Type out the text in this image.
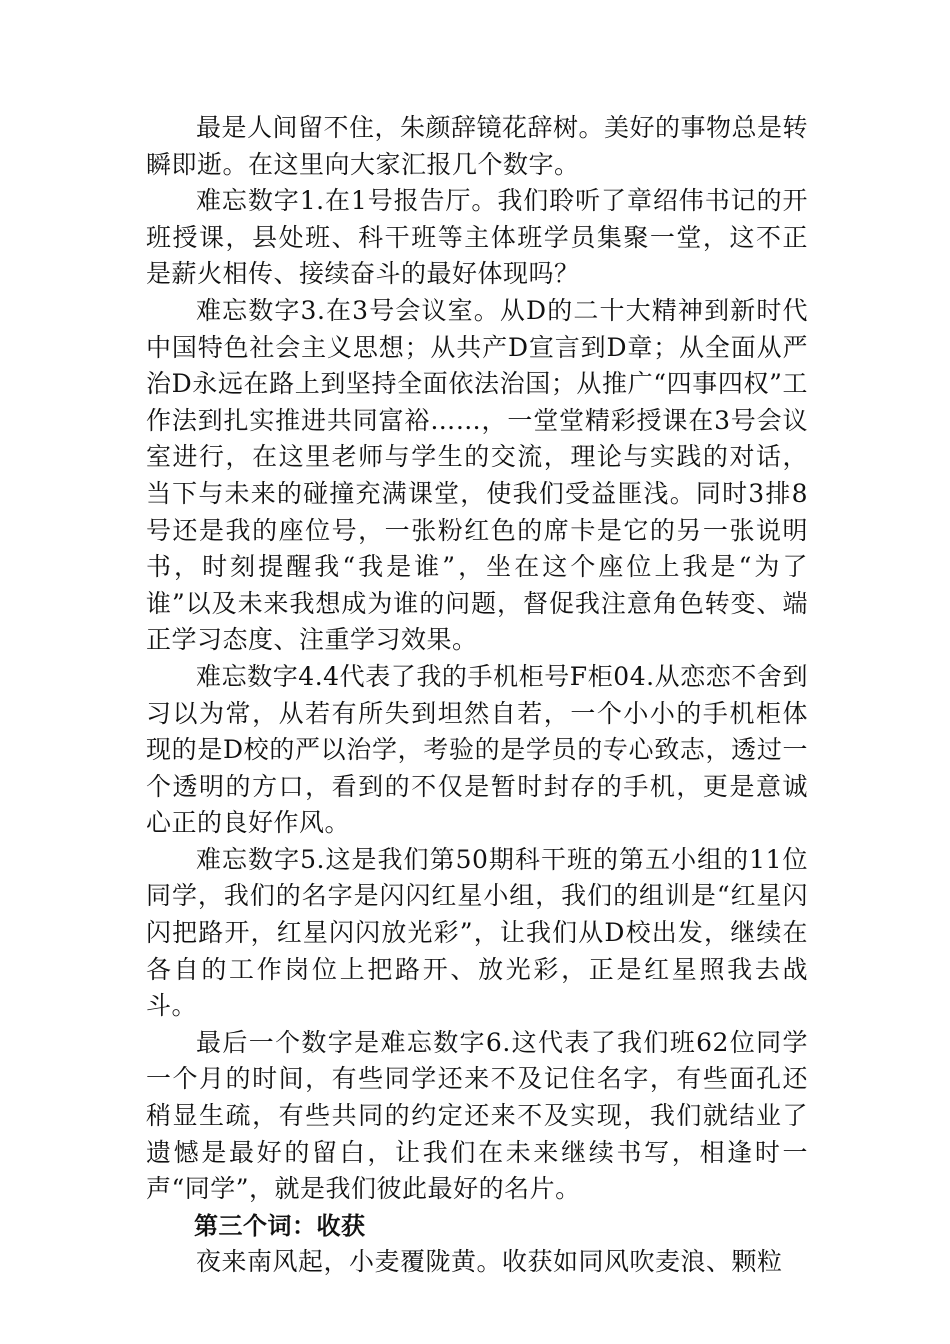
最是人间留不住，朱颜辞镜花辞树。美好的事物总是转瞬即逝。在这里向大家汇报几个数字。

难忘数字1.在1号报告厅。我们聆听了章绍伟书记的开班授课，县处班、科干班等主体班学员集聚一堂，这不正是薪火相传、接续奋斗的最好体现吗？

难忘数字3.在3号会议室。从D的二十大精神到新时代中国特色社会主义思想；从共产D宣言到D章；从全面从严治D永远在路上到坚持全面依法治国；从推广“四事四权”工作法到扎实推进共同富裕……，一堂堂精彩授课在3号会议室进行，在这里老师与学生的交流，理论与实践的对话，当下与未来的碰撞充满课堂，使我们受益匪浅。同时3排8号还是我的座位号，一张粉红色的席卡是它的另一张说明书，时刻提醒我“我是谁”，坐在这个座位上我是“为了谁”以及未来我想成为谁的问题，督促我注意角色转变、端正学习态度、注重学习效果。

难忘数字4.4代表了我的手机柜号F柜04.从恋恋不舍到习以为常，从若有所失到坦然自若，一个小小的手机柜体现的是D校的严以治学，考验的是学员的专心致志，透过一个透明的方口，看到的不仅是暂时封存的手机，更是意诚心正的良好作风。

难忘数字5.这是我们第50期科干班的第五小组的11位同学，我们的名字是闪闪红星小组，我们的组训是“红星闪闪把路开，红星闪闪放光彩”，让我们从D校出发，继续在各自的工作岗位上把路开、放光彩，正是红星照我去战斗。

最后一个数字是难忘数字6.这代表了我们班62位同学一个月的时间，有些同学还来不及记住名字，有些面孔还稍显生疏，有些共同的约定还来不及实现，我们就结业了遗憾是最好的留白，让我们在未来继续书写，相逢时一声“同学”，就是我们彼此最好的名片。

第三个词：收获

夜来南风起，小麦覆陇黄。收获如同风吹麦浪、颗粒
